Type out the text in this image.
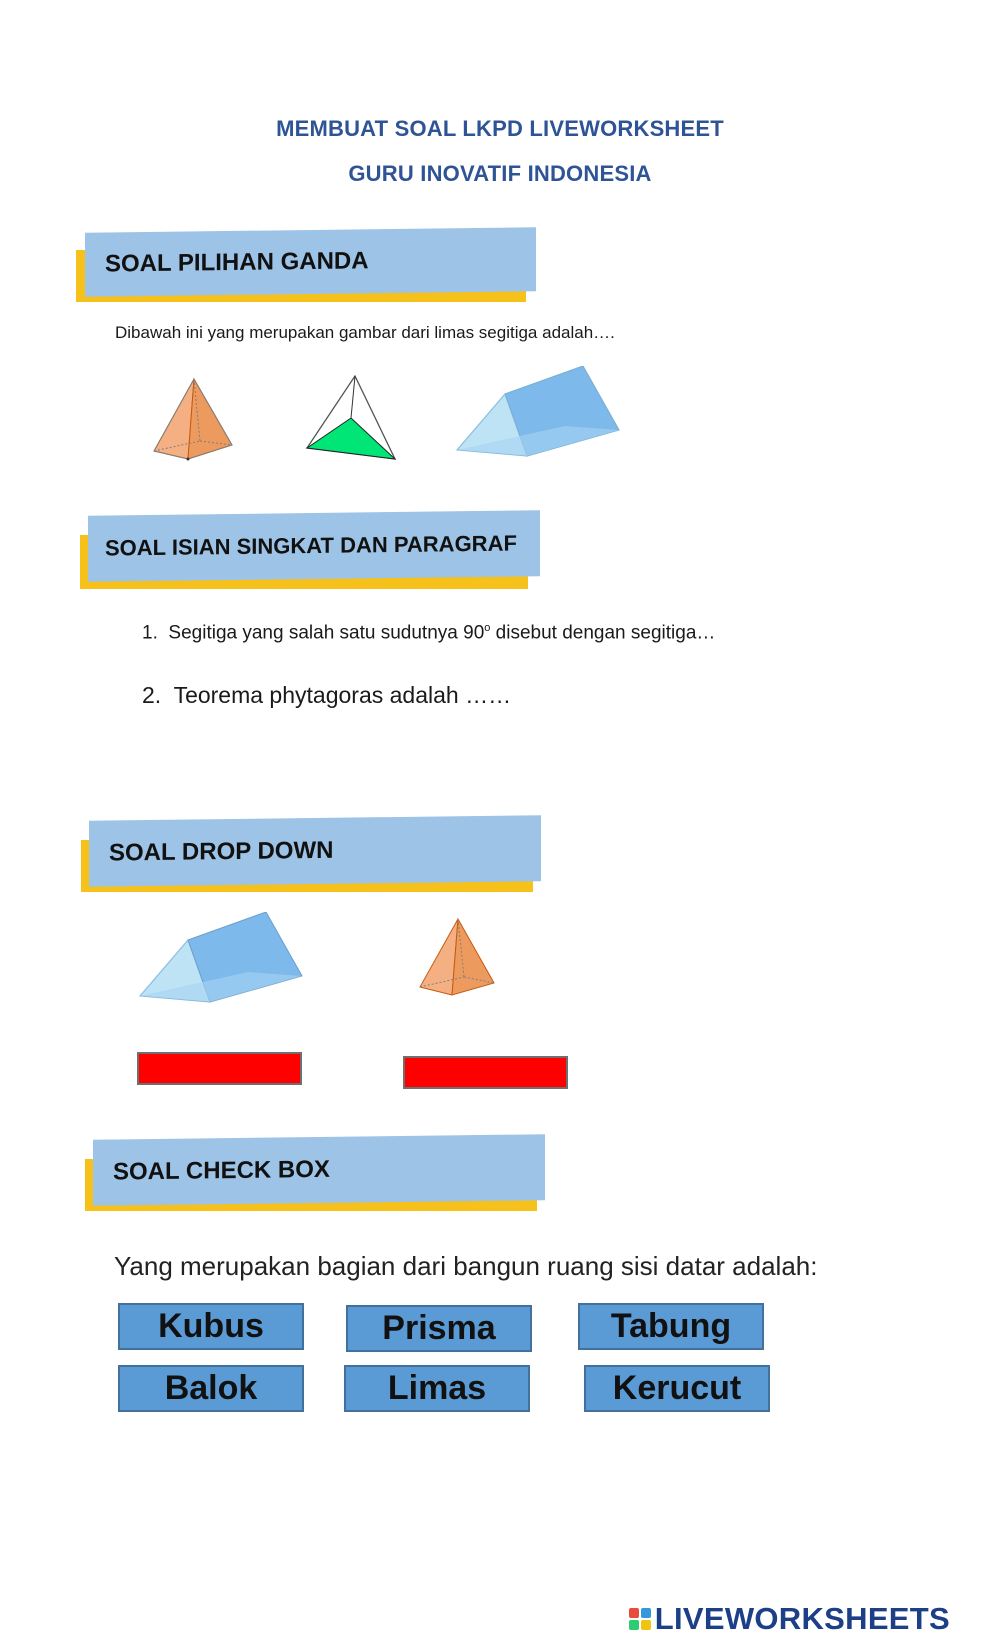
MEMBUAT SOAL LKPD LIVEWORKSHEET
GURU INOVATIF INDONESIA
SOAL PILIHAN GANDA
Dibawah ini yang merupakan gambar dari limas segitiga adalah….
SOAL ISIAN SINGKAT DAN PARAGRAF
1. Segitiga yang salah satu sudutnya 90$^o$ disebut dengan segitiga…
2. Teorema phytagoras adalah ……
SOAL DROP DOWN
SOAL CHECK BOX
Yang merupakan bagian dari bangun ruang sisi datar adalah:
Kubus	Prisma	Tabung
Balok	Limas	Kerucut
LIVEWORKSHEETS
